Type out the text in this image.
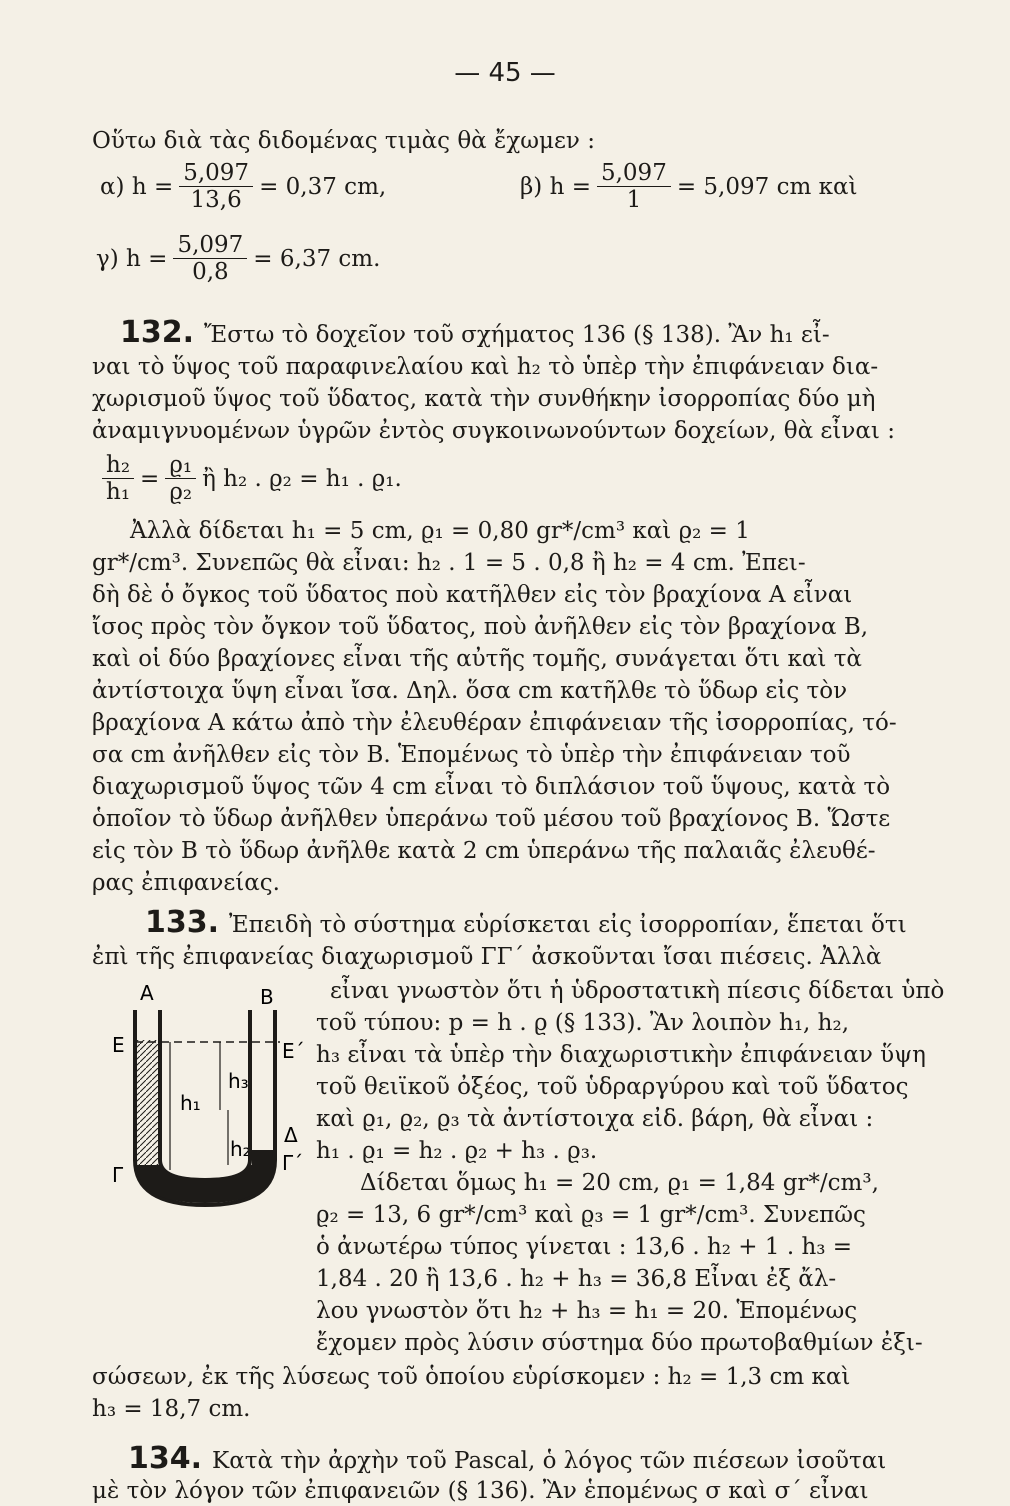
— 45 —
Οὕτω διὰ τὰς διδομένας τιμὰς θὰ ἔχωμεν :
α) $h = \frac{5,097}{13,6} = 0,37$ cm,	β) $h = \frac{5,097}{1} = 5,097$ cm καὶ
γ) $h = \frac{5,097}{0,8} = 6,37$ cm.
132. Ἔστω τὸ δοχεῖον τοῦ σχήματος 136 (§ 138). Ἂν h₁ εἶ-
ναι τὸ ὕψος τοῦ παραφινελαίου καὶ h₂ τὸ ὑπὲρ τὴν ἐπιφάνειαν δια-
χωρισμοῦ ὕψος τοῦ ὕδατος, κατὰ τὴν συνθήκην ἰσορροπίας δύο μὴ
ἀναμιγνυομένων ὑγρῶν ἐντὸς συγκοινωνούντων δοχείων, θὰ εἶναι :
$\frac{\text{h₂}}{\text{h₁}} = \frac{\text{ϱ₁}}{\text{ϱ₂}}$ ἢ h₂ . ϱ₂ = h₁ . ϱ₁.
Ἀλλὰ δίδεται h₁ = 5 cm, ϱ₁ = 0,80 gr*/cm³ καὶ ϱ₂ = 1
gr*/cm³. Συνεπῶς θὰ εἶναι: h₂ . 1 = 5 . 0,8 ἢ h₂ = 4 cm. Ἐπει-
δὴ δὲ ὁ ὄγκος τοῦ ὕδατος ποὺ κατῆλθεν εἰς τὸν βραχίονα Α εἶναι
ἴσος πρὸς τὸν ὄγκον τοῦ ὕδατος, ποὺ ἀνῆλθεν εἰς τὸν βραχίονα Β,
καὶ οἱ δύο βραχίονες εἶναι τῆς αὐτῆς τομῆς, συνάγεται ὅτι καὶ τὰ
ἀντίστοιχα ὕψη εἶναι ἴσα. Δηλ. ὅσα cm κατῆλθε τὸ ὕδωρ εἰς τὸν
βραχίονα Α κάτω ἀπὸ τὴν ἐλευθέραν ἐπιφάνειαν τῆς ἰσορροπίας, τό-
σα cm ἀνῆλθεν εἰς τὸν Β. Ἑπομένως τὸ ὑπὲρ τὴν ἐπιφάνειαν τοῦ
διαχωρισμοῦ ὕψος τῶν 4 cm εἶναι τὸ διπλάσιον τοῦ ὕψους, κατὰ τὸ
ὁποῖον τὸ ὕδωρ ἀνῆλθεν ὑπεράνω τοῦ μέσου τοῦ βραχίονος Β. Ὥστε
εἰς τὸν Β τὸ ὕδωρ ἀνῆλθε κατὰ 2 cm ὑπεράνω τῆς παλαιᾶς ἐλευθέ-
ρας ἐπιφανείας.
133. Ἐπειδὴ τὸ σύστημα εὑρίσκεται εἰς ἰσορροπίαν, ἕπεται ὅτι
ἐπὶ τῆς ἐπιφανείας διαχωρισμοῦ ΓΓ΄ ἀσκοῦνται ἴσαι πιέσεις. Ἀλλὰ
εἶναι γνωστὸν ὅτι ἡ ὑδροστατικὴ πίεσις δίδεται ὑπὸ
τοῦ τύπου: p = h . ϱ (§ 133). Ἂν λοιπὸν h₁, h₂,
h₃ εἶναι τὰ ὑπὲρ τὴν διαχωριστικὴν ἐπιφάνειαν ὕψη
τοῦ θειϊκοῦ ὀξέος, τοῦ ὑδραργύρου καὶ τοῦ ὕδατος
καὶ ϱ₁, ϱ₂, ϱ₃ τὰ ἀντίστοιχα εἰδ. βάρη, θὰ εἶναι :
h₁ . ϱ₁ = h₂ . ϱ₂ + h₃ . ϱ₃.
Δίδεται ὅμως h₁ = 20 cm, ϱ₁ = 1,84 gr*/cm³,
ϱ₂ = 13, 6 gr*/cm³ καὶ ϱ₃ = 1 gr*/cm³. Συνεπῶς
ὁ ἀνωτέρω τύπος γίνεται : 13,6 . h₂ + 1 . h₃ =
1,84 . 20 ἢ 13,6 . h₂ + h₃ = 36,8 Εἶναι ἐξ ἄλ-
λου γνωστὸν ὅτι h₂ + h₃ = h₁ = 20. Ἑπομένως
ἔχομεν πρὸς λύσιν σύστημα δύο πρωτοβαθμίων ἐξι-
σώσεων, ἐκ τῆς λύσεως τοῦ ὁποίου εὑρίσκομεν : h₂ = 1,3 cm καὶ
h₃ = 18,7 cm.
A	B
E	E΄
Γ	Γ΄
Δ
h₁
h₂
h₃
134. Κατὰ τὴν ἀρχὴν τοῦ Pascal, ὁ λόγος τῶν πιέσεων ἰσοῦται
μὲ τὸν λόγον τῶν ἐπιφανειῶν (§ 136). Ἂν ἑπομένως σ καὶ σ΄ εἶναι
